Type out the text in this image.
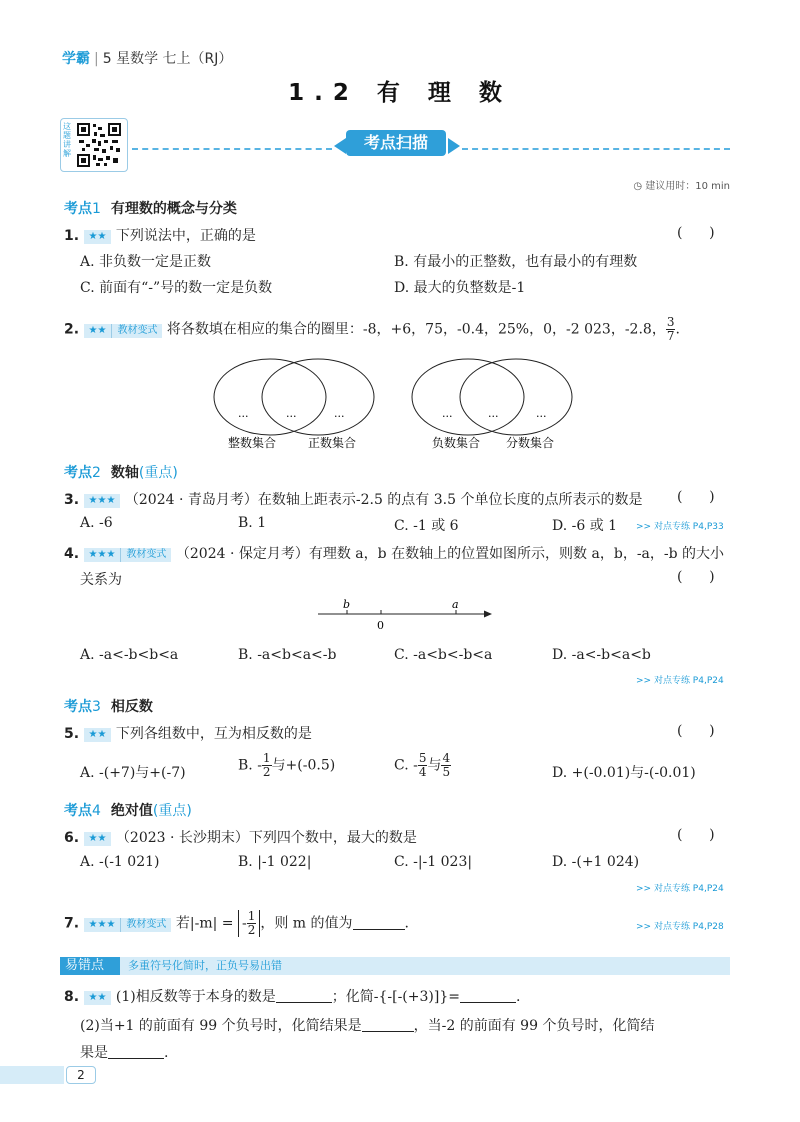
学霸 | 5 星数学 七上（RJ）
1.2 有 理 数
这题讲解
考点扫描
◷ 建议用时：10 min
考点1 有理数的概念与分类
1. ★★ 下列说法中，正确的是	(      )
A. 非负数一定是正数	B. 有最小的正整数，也有最小的有理数
C. 前面有“-”号的数一定是负数	D. 最大的负整数是-1
2. ★★ 教材变式 将各数填在相应的集合的圈里：-8，+6，75，-0.4，25%，0，-2 023，-2.8， $\frac{3}{7}$ .
...	...	...	...	...	...
整数集合	正数集合	负数集合 分数集合
考点2 数轴(重点)
3. ★★★ （2024 · 青岛月考）在数轴上距表示-2.5 的点有 3.5 个单位长度的点所表示的数是 (      )
A. -6	B. 1	C. -1 或 6	D. -6 或 1 >> 对点专练 P4,P33
4. ★★★ 教材变式 （2024 · 保定月考）有理数 a，b 在数轴上的位置如图所示，则数 a，b，-a，-b 的大小
关系为	(      )
b
0
a
A. -a<-b<b<a	B. -a<b<a<-b	C. -a<b<-b<a	D. -a<-b<a<b
>> 对点专练 P4,P24
考点3 相反数
5. ★★ 下列各组数中，互为相反数的是	(      )
A. -(+7)与+(-7)	B. - $\frac{1}{2}$ 与+(-0.5)	C. - $\frac{5}{4}$ 与 $\frac{4}{5}$	D. +(-0.01)与-(-0.01)
考点4 绝对值(重点)
6. ★★ （2023 · 长沙期末）下列四个数中，最大的数是	(      )
A. -(-1 021)	B. |-1 022|	C. -|-1 023|	D. -(+1 024)
>> 对点专练 P4,P24
7. ★★★ 教材变式 若|-m| = - $\frac{1}{2}$ ，则 m 的值为	.	>> 对点专练 P4,P28
易错点	多重符号化简时，正负号易出错
8. ★★ (1)相反数等于本身的数是	；化简-{-[-(+3)]}=	.
(2)当+1 的前面有 99 个负号时，化简结果是	，当-2 的前面有 99 个负号时，化简结
果是	.
2
